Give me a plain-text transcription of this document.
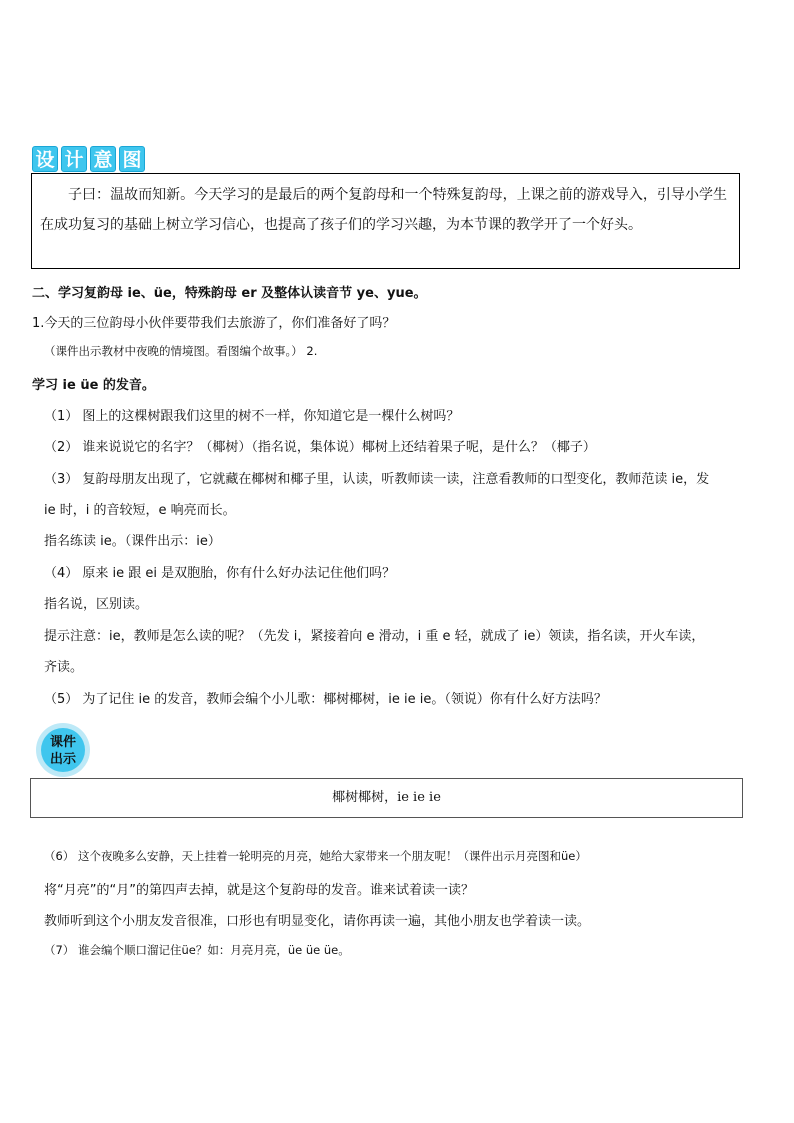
设 计 意 图
子曰：温故而知新。今天学习的是最后的两个复韵母和一个特殊复韵母，上课之前的游戏导入，引导小学生在成功复习的基础上树立学习信心，也提高了孩子们的学习兴趣，为本节课的教学开了一个好头。
二、学习复韵母 ie、üe，特殊韵母 er 及整体认读音节 ye、yue。
1.今天的三位韵母小伙伴要带我们去旅游了，你们准备好了吗？
（课件出示教材中夜晚的情境图。看图编个故事。） 2.
学习 ie üe 的发音。
（1） 图上的这棵树跟我们这里的树不一样，你知道它是一棵什么树吗？
（2） 谁来说说它的名字？（椰树）（指名说，集体说）椰树上还结着果子呢，是什么？（椰子）
（3） 复韵母朋友出现了，它就藏在椰树和椰子里，认读，听教师读一读，注意看教师的口型变化，教师范读 ie，发
ie 时，i 的音较短，e 响亮而长。
指名练读 ie。（课件出示：ie）
（4） 原来 ie 跟 ei 是双胞胎，你有什么好办法记住他们吗？
指名说，区别读。
提示注意：ie，教师是怎么读的呢？（先发 i，紧接着向 e 滑动，i 重 e 轻，就成了 ie）领读，指名读，开火车读，
齐读。
（5） 为了记住 ie 的发音，教师会编个小儿歌：椰树椰树，ie ie ie。（领说）你有什么好方法吗？
课件
出示
椰树椰树，ie ie ie
（6） 这个夜晚多么安静，天上挂着一轮明亮的月亮，她给大家带来一个朋友呢！（课件出示月亮图和üe）
将“月亮”的“月”的第四声去掉，就是这个复韵母的发音。谁来试着读一读？
教师听到这个小朋友发音很准，口形也有明显变化，请你再读一遍，其他小朋友也学着读一读。
（7） 谁会编个顺口溜记住üe？如：月亮月亮，üe üe üe。
